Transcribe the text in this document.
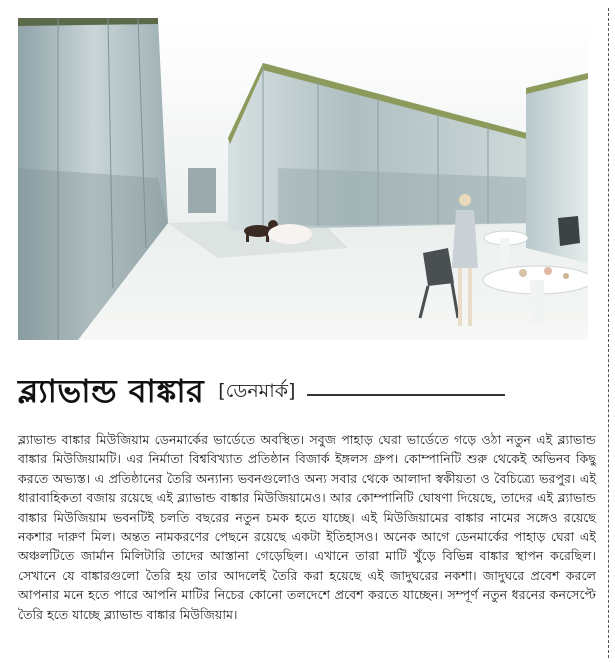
ব্ল্যাভান্ড বাঙ্কার [ডেনমার্ক]

ব্ল্যাভান্ড বাঙ্কার মিউজিয়াম ডেনমার্কের ভার্ডেতে অবস্থিত। সবুজ পাহাড় ঘেরা ভার্ডেতে গড়ে ওঠা নতুন এই ব্ল্যাভান্ড বাঙ্কার মিউজিয়ামটি। এর নির্মাতা বিশ্ববিখ্যাত প্রতিষ্ঠান বিজার্ক ইঙ্গলস গ্রুপ। কোম্পানিটি শুরু থেকেই অভিনব কিছু করতে অভ্যস্ত। এ প্রতিষ্ঠানের তৈরি অন্যান্য ভবনগুলোও অন্য সবার থেকে আলাদা স্বকীয়তা ও বৈচিত্র্যে ভরপুর। এই ধারাবাহিকতা বজায় রয়েছে এই ব্ল্যাভান্ড বাঙ্কার মিউজিয়ামেও। আর কোম্পানিটি ঘোষণা দিয়েছে, তাদের এই ব্ল্যাভান্ড বাঙ্কার মিউজিয়াম ভবনটিই চলতি বছরের নতুন চমক হতে যাচ্ছে। এই মিউজিয়ামের বাঙ্কার নামের সঙ্গেও রয়েছে নকশার দারুণ মিল। অন্তত নামকরণের পেছনে রয়েছে একটা ইতিহাসও। অনেক আগে ডেনমার্কের পাহাড় ঘেরা এই অঞ্চলটিতে জার্মান মিলিটারি তাদের আস্তানা গেড়েছিল। এখানে তারা মাটি খুঁড়ে বিভিন্ন বাঙ্কার স্থাপন করেছিল। সেখানে যে বাঙ্কারগুলো তৈরি হয় তার আদলেই তৈরি করা হয়েছে এই জাদুঘরের নকশা। জাদুঘরে প্রবেশ করলে আপনার মনে হতে পারে আপনি মাটির নিচের কোনো তলদেশে প্রবেশ করতে যাচ্ছেন। সম্পূর্ণ নতুন ধরনের কনসেপ্টে তৈরি হতে যাচ্ছে ব্ল্যাভান্ড বাঙ্কার মিউজিয়াম।
